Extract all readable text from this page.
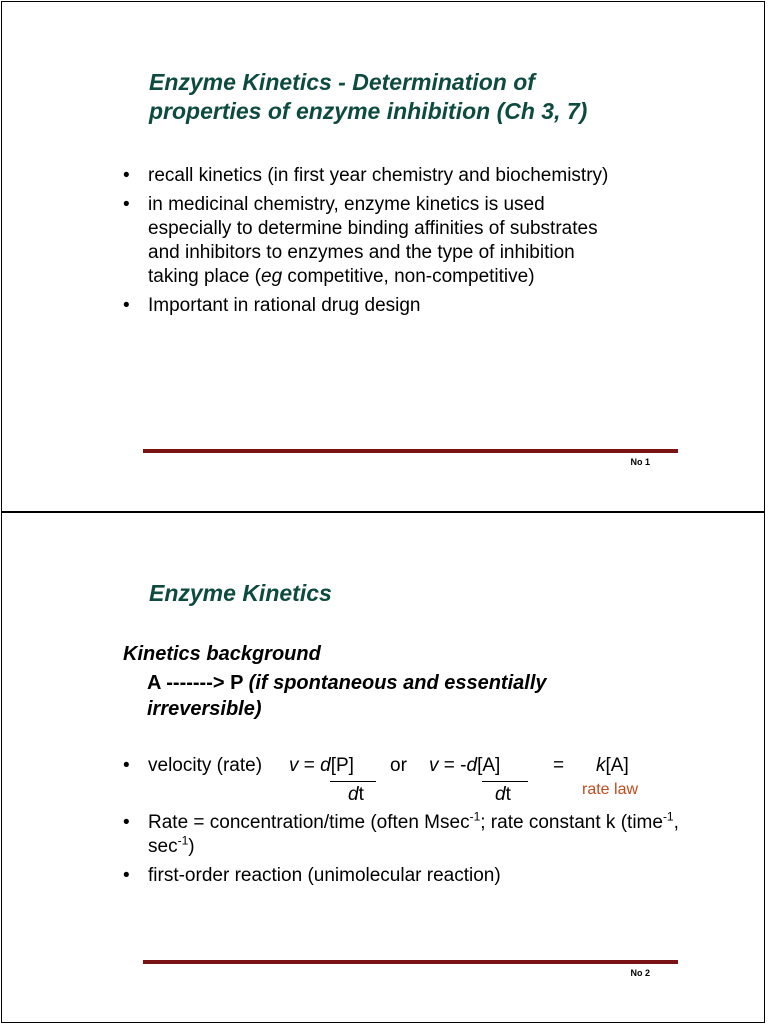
Enzyme Kinetics - Determination of
properties of enzyme inhibition (Ch 3, 7)
• recall kinetics (in first year chemistry and biochemistry)
• in medicinal chemistry, enzyme kinetics is used especially to determine binding affinities of substrates and inhibitors to enzymes and the type of inhibition taking place (eg competitive, non-competitive)
• Important in rational drug design
No 1
Enzyme Kinetics
Kinetics background
A -------> P (if spontaneous and essentially irreversible)
• velocity (rate) v = d[P]
dt
or v = -d[A]
dt
= k[A]
rate law
• Rate = concentration/time (often Msec$^{-1}$; rate constant k (time$^{-1}$, $\sec^{-1}$)
• first-order reaction (unimolecular reaction)
No 2
